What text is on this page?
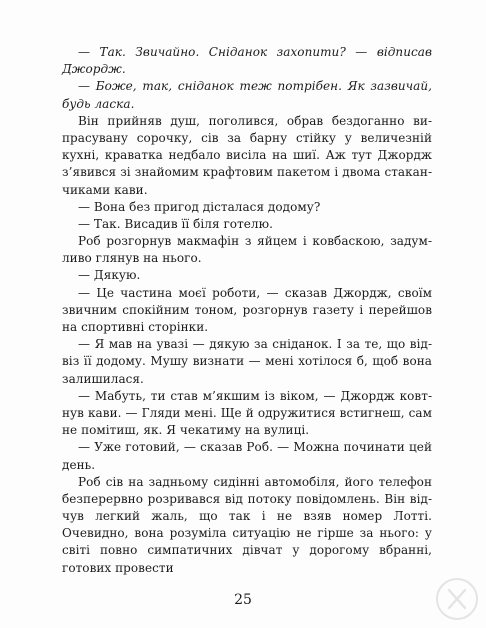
— Так. Звичайно. Сніданок захопити? — відписав Джордж.

— Боже, так, сніданок теж потрібен. Як зазвичай, будь ласка.

Він прийняв душ, поголився, обрав бездоганно випрасувану сорочку, сів за барну стійку у величезній кухні, краватка недбало висіла на шиї. Аж тут Джордж з’явився зі знайомим крафтовим пакетом і двома стаканчиками кави.

— Вона без пригод дісталася додому?

— Так. Висадив її біля готелю.

Роб розгорнув макмафін з яйцем і ковбаскою, задумливо глянув на нього.

— Дякую.

— Це частина моєї роботи, — сказав Джордж, своїм звичним спокійним тоном, розгорнув газету і перейшов на спортивні сторінки.

— Я мав на увазі — дякую за сніданок. І за те, що відвіз її додому. Мушу визнати — мені хотілося б, щоб вона залишилася.

— Мабуть, ти став м’якшим із віком, — Джордж ковтнув кави. — Гляди мені. Ще й одружитися встигнеш, сам не помітиш, як. Я чекатиму на вулиці.

— Уже готовий, — сказав Роб. — Можна починати цей день.

Роб сів на задньому сидінні автомобіля, його телефон безперервно розривався від потоку повідомлень. Він відчув легкий жаль, що так і не взяв номер Лотті. Очевидно, вона розуміла ситуацію не гірше за нього: у світі повно симпатичних дівчат у дорогому вбранні, готових провести

25
